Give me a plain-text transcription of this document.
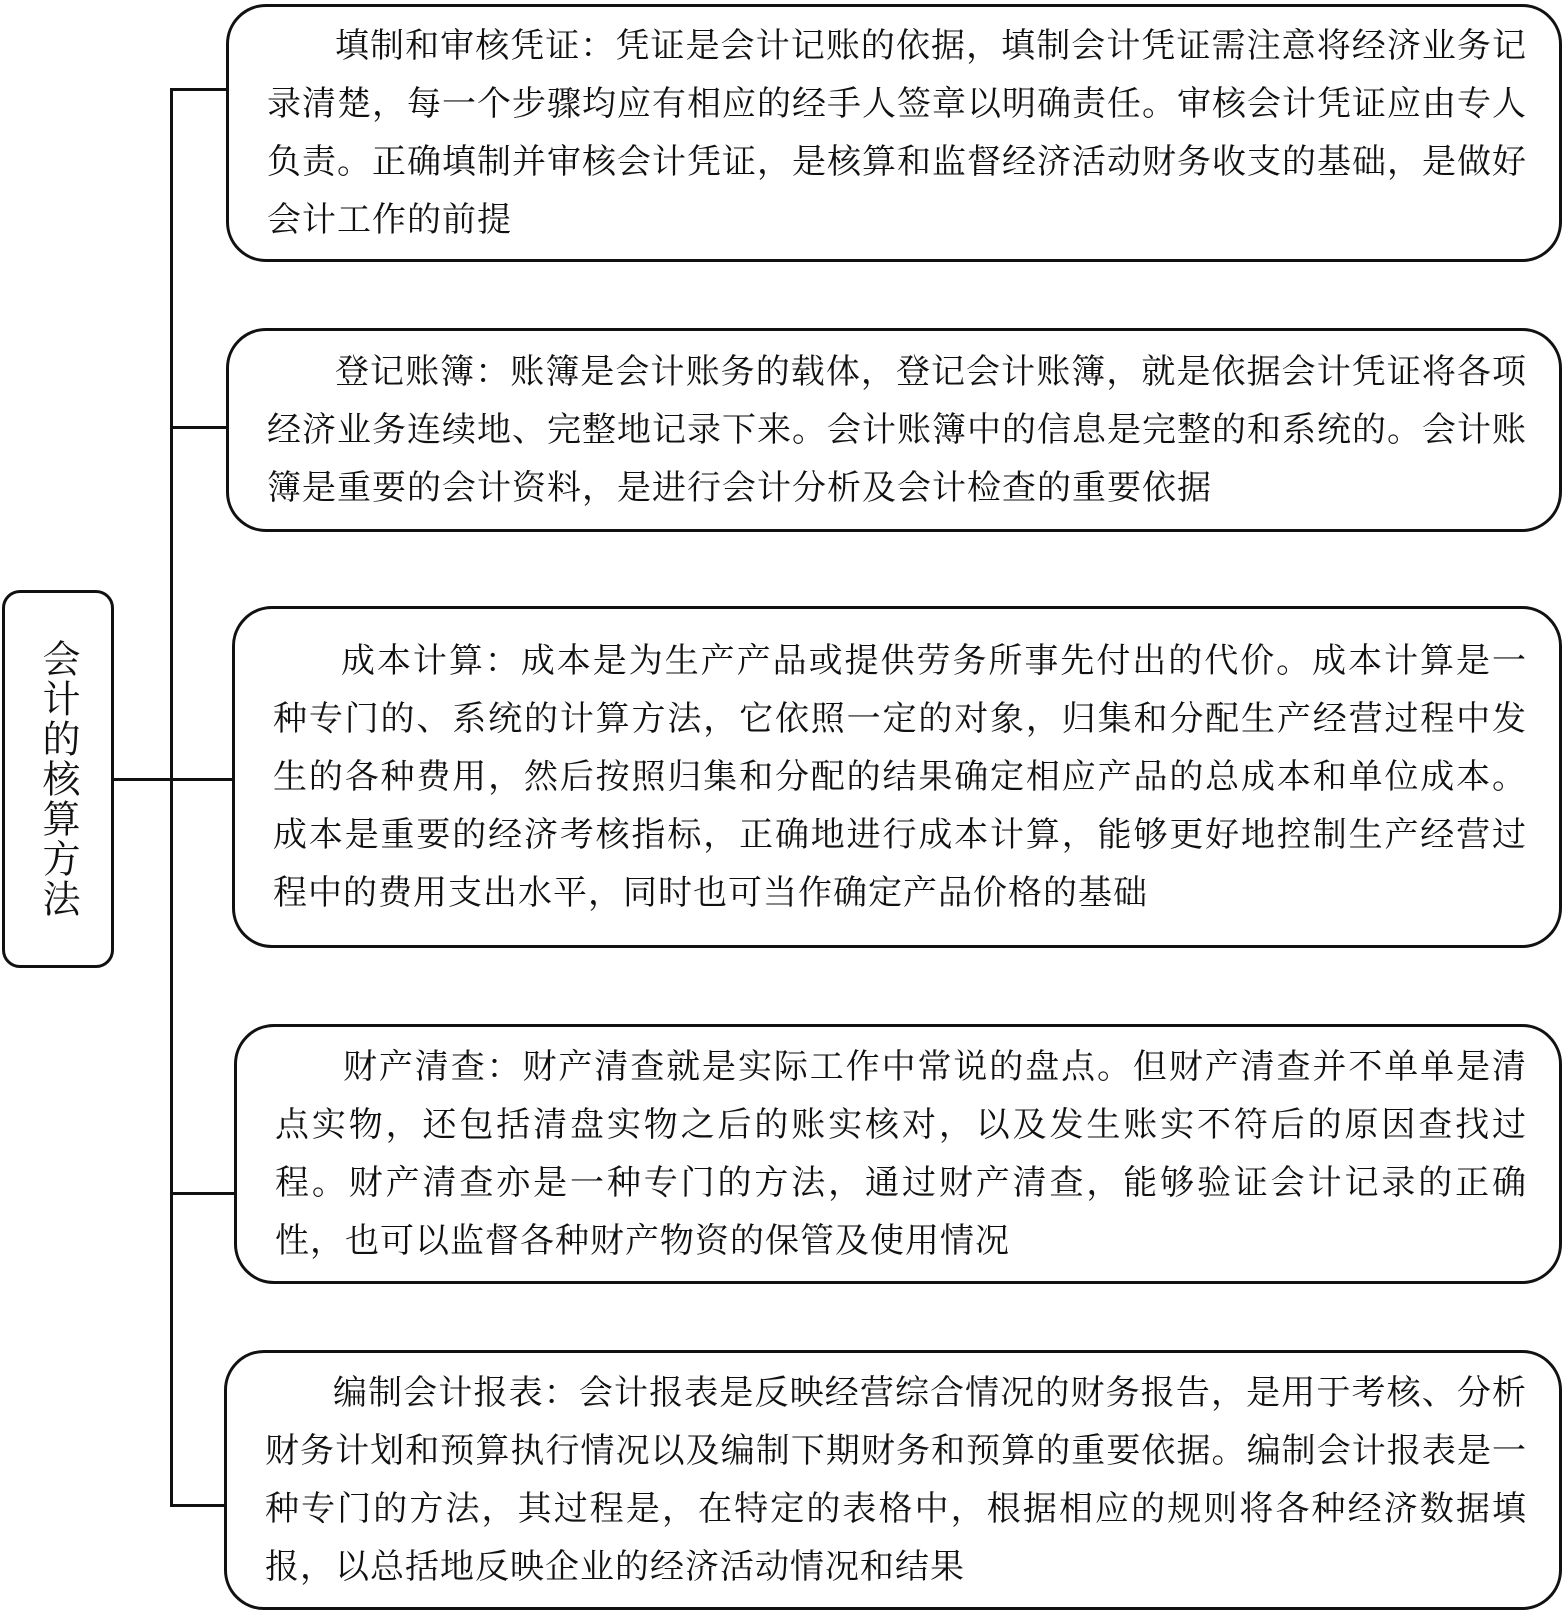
会计的核算方法

填制和审核凭证：凭证是会计记账的依据，填制会计凭证需注意将经济业务记录清楚，每一个步骤均应有相应的经手人签章以明确责任。审核会计凭证应由专人负责。正确填制并审核会计凭证，是核算和监督经济活动财务收支的基础，是做好会计工作的前提

登记账簿：账簿是会计账务的载体，登记会计账簿，就是依据会计凭证将各项经济业务连续地、完整地记录下来。会计账簿中的信息是完整的和系统的。会计账簿是重要的会计资料，是进行会计分析及会计检查的重要依据

成本计算：成本是为生产产品或提供劳务所事先付出的代价。成本计算是一种专门的、系统的计算方法，它依照一定的对象，归集和分配生产经营过程中发生的各种费用，然后按照归集和分配的结果确定相应产品的总成本和单位成本。成本是重要的经济考核指标，正确地进行成本计算，能够更好地控制生产经营过程中的费用支出水平，同时也可当作确定产品价格的基础

财产清查：财产清查就是实际工作中常说的盘点。但财产清查并不单单是清点实物，还包括清盘实物之后的账实核对，以及发生账实不符后的原因查找过程。财产清查亦是一种专门的方法，通过财产清查，能够验证会计记录的正确性，也可以监督各种财产物资的保管及使用情况

编制会计报表：会计报表是反映经营综合情况的财务报告，是用于考核、分析财务计划和预算执行情况以及编制下期财务和预算的重要依据。编制会计报表是一种专门的方法，其过程是，在特定的表格中，根据相应的规则将各种经济数据填报，以总括地反映企业的经济活动情况和结果
